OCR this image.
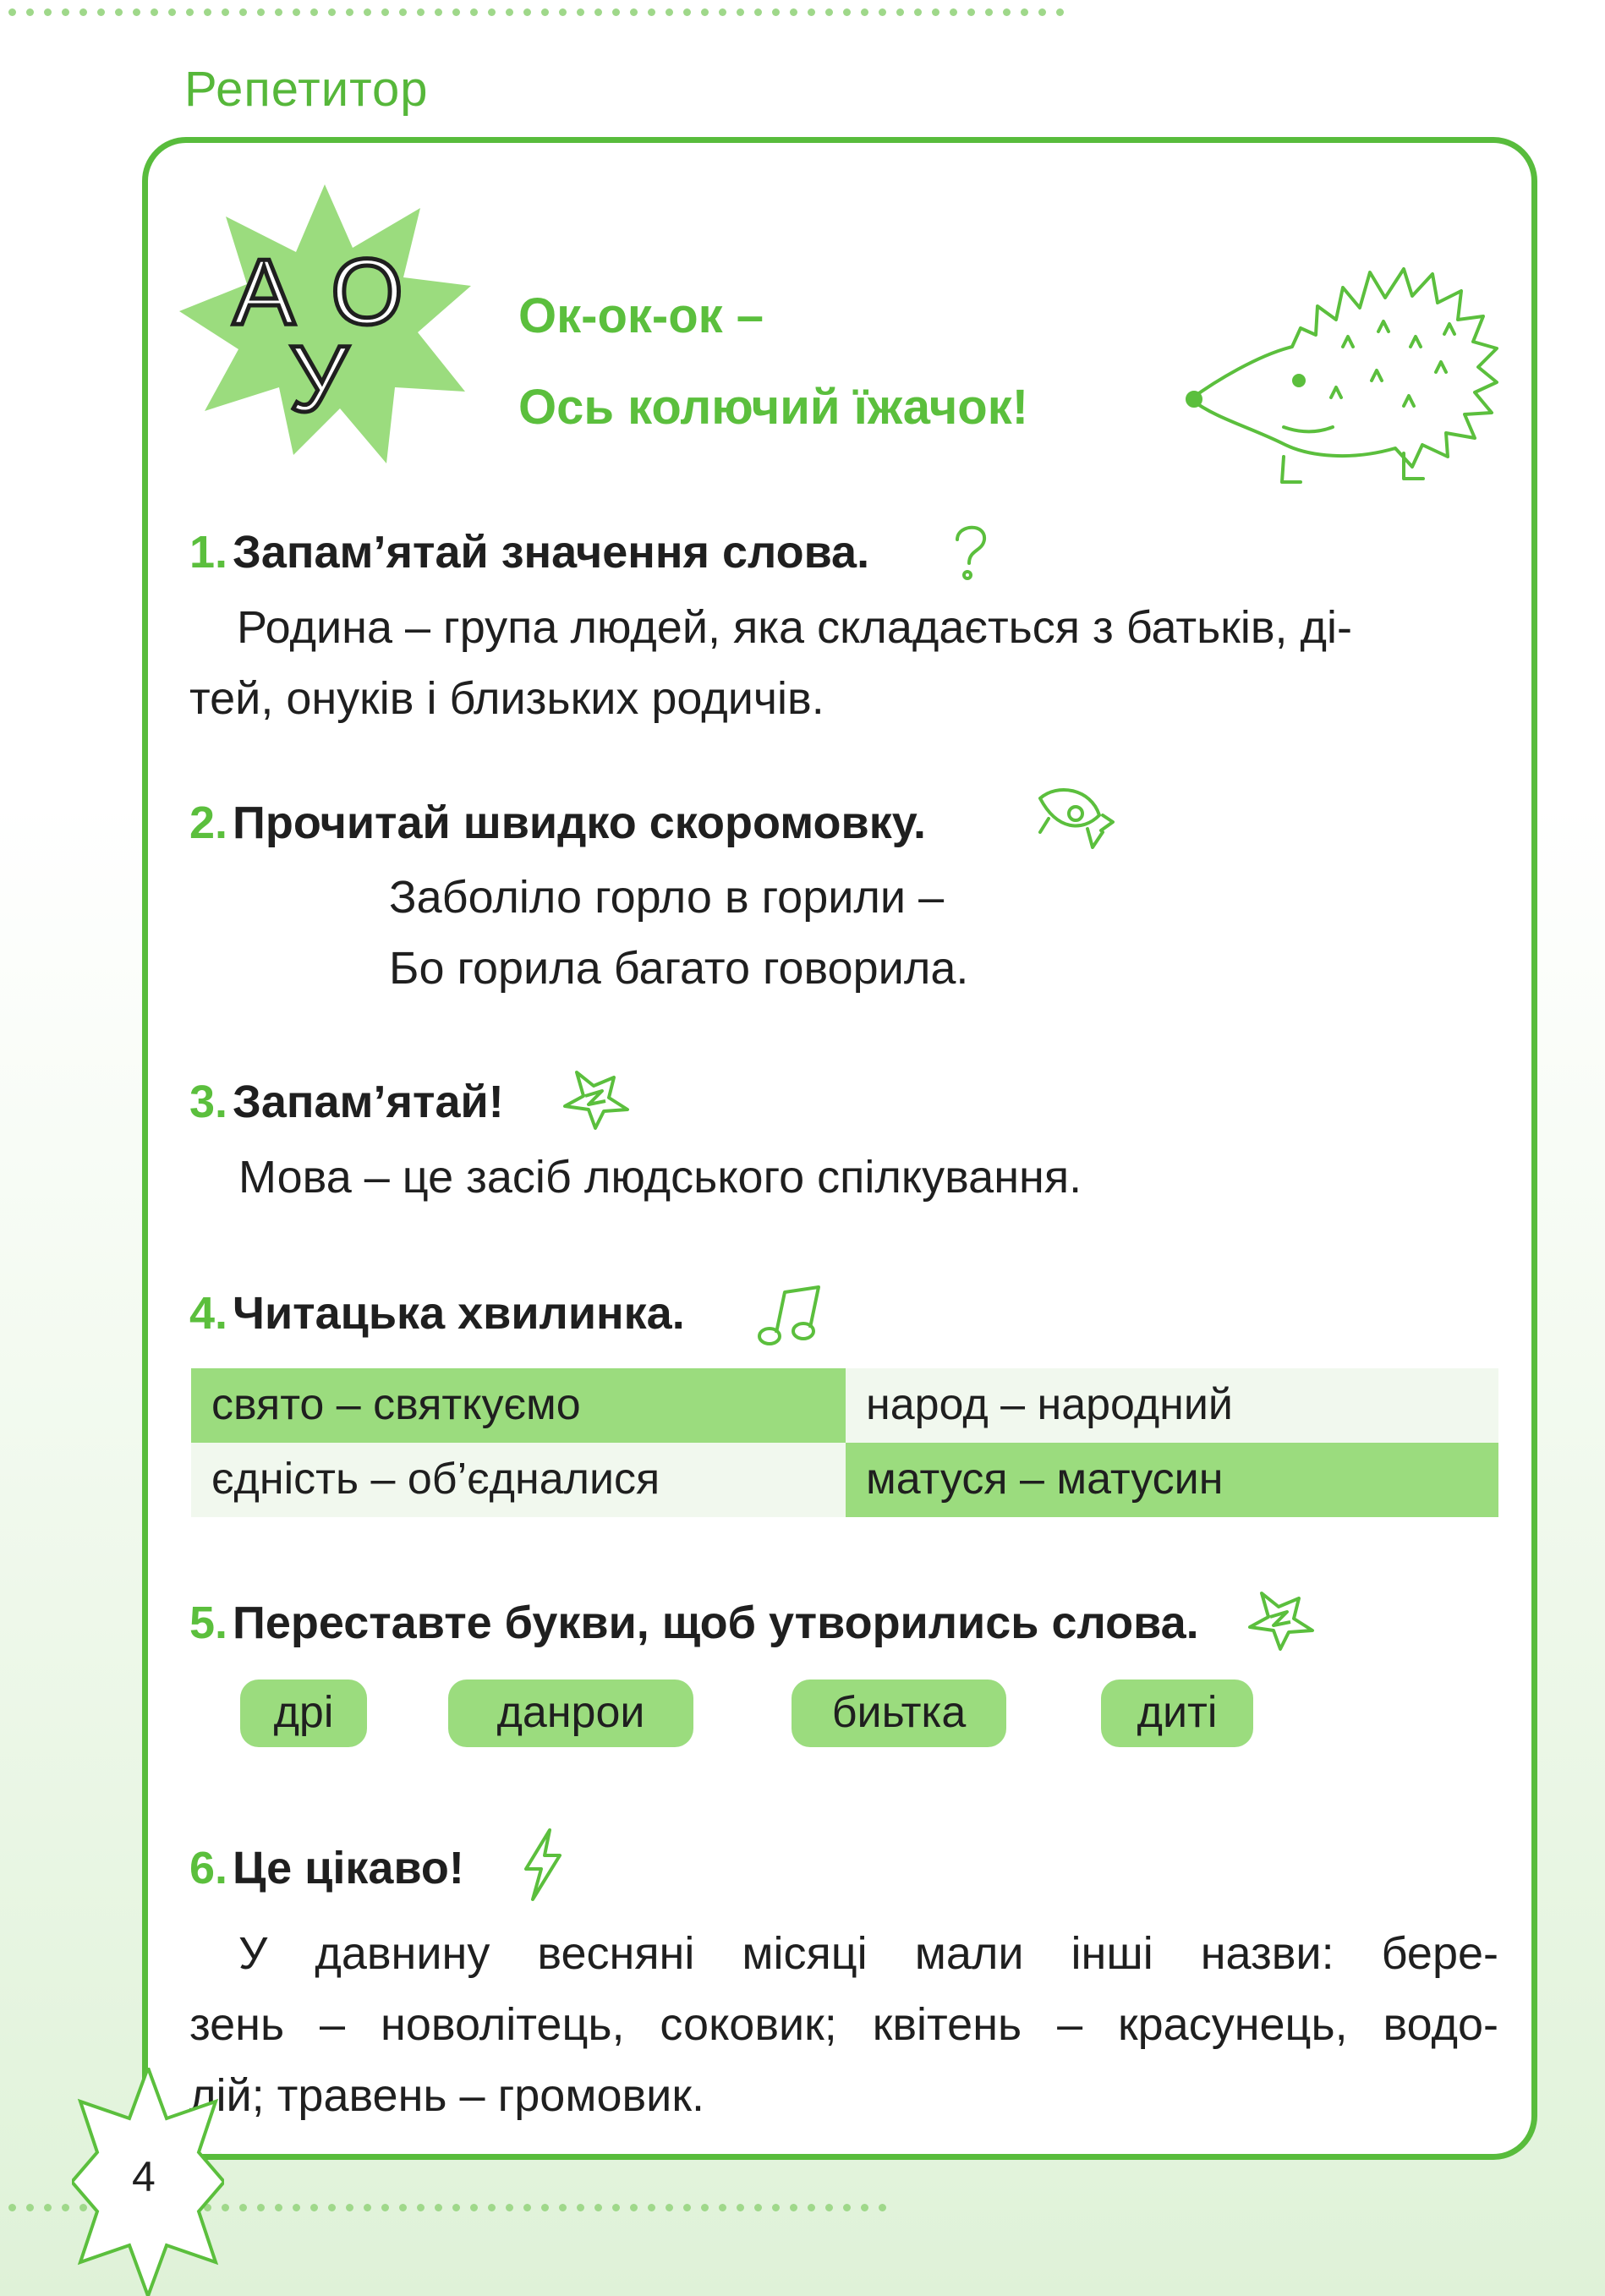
Репетитор
А О
У
Ок-ок-ок –
Ось колючий їжачок!
1. Запам’ятай значення слова.
Родина – група людей, яка складається з батьків, ді-
тей, онуків і близьких родичів.
2. Прочитай швидко скоромовку.
Заболіло горло в горили –
Бо горила багато говорила.
3. Запам’ятай!
Мова – це засіб людського спілкування.
4. Читацька хвилинка.
свято – святкуємо	народ – народний
єдність – об’єдналися	матуся – матусин
5. Переставте букви, щоб утворились слова.
дрі	данрои	биьтка	диті
6. Це цікаво!
У давнину весняні місяці мали інші назви: бере-
зень – новолітець, соковик; квітень – красунець, водо-
лій; травень – громовик.
4
